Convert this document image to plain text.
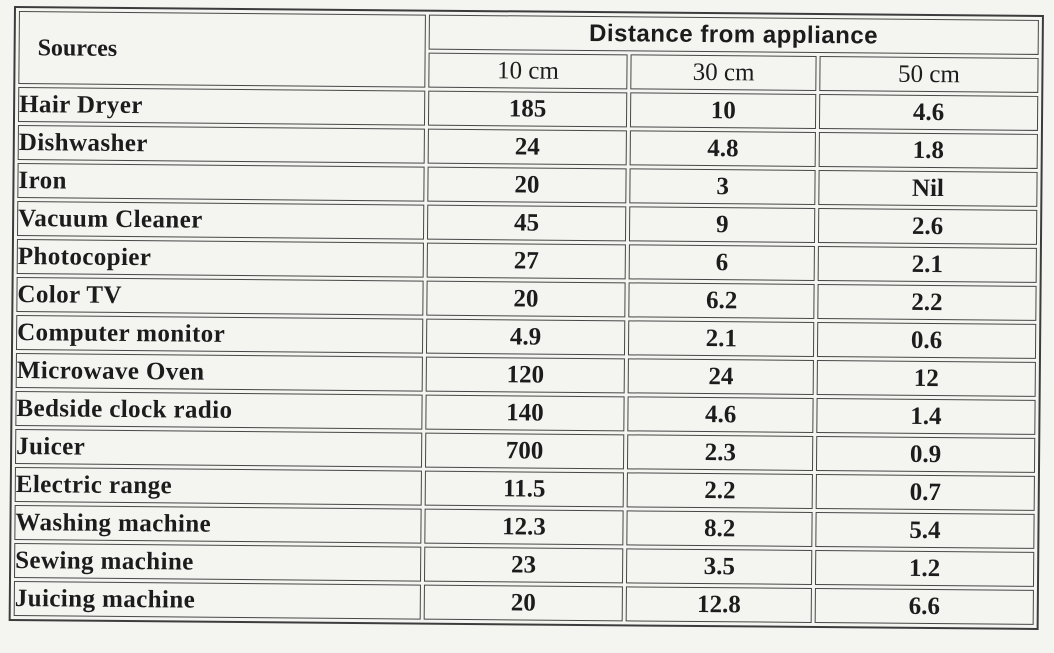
Sources	Distance from appliance		
	10 cm	30 cm	50 cm
Hair Dryer	185	10	4.6
Dishwasher	24	4.8	1.8
Iron	20	3	Nil
Vacuum Cleaner	45	9	2.6
Photocopier	27	6	2.1
Color TV	20	6.2	2.2
Computer monitor	4.9	2.1	0.6
Microwave Oven	120	24	12
Bedside clock radio	140	4.6	1.4
Juicer	700	2.3	0.9
Electric range	11.5	2.2	0.7
Washing machine	12.3	8.2	5.4
Sewing machine	23	3.5	1.2
Juicing machine	20	12.8	6.6
